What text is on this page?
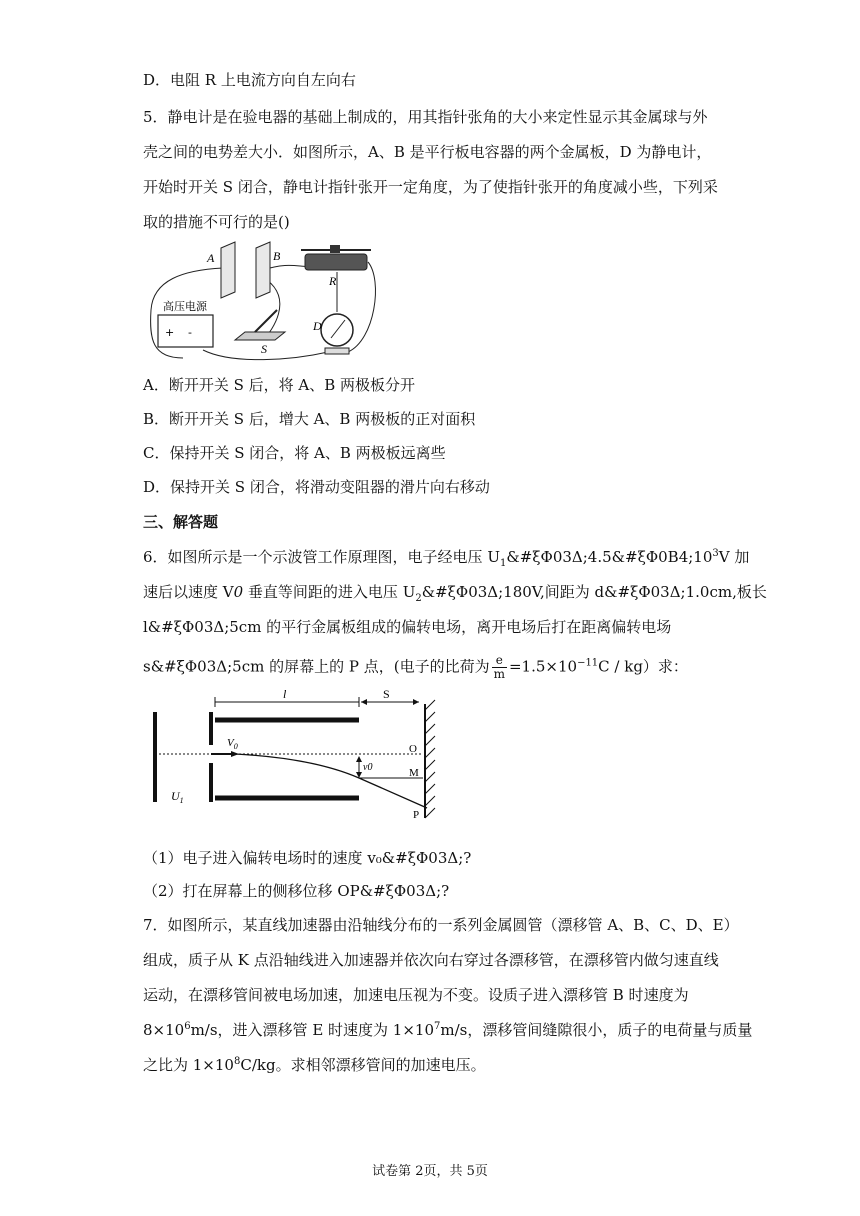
D．电阻 R 上电流方向自左向右
5．静电计是在验电器的基础上制成的，用其指针张角的大小来定性显示其金属球与外
壳之间的电势差大小．如图所示，A、B 是平行板电容器的两个金属板，D 为静电计，
开始时开关 S 闭合，静电计指针张开一定角度，为了使指针张开的角度减小些，下列采
取的措施不可行的是()
A	B
R
D
S
高压电源
+ -
A．断开开关 S 后，将 A、B 两极板分开
B．断开开关 S 后，增大 A、B 两极板的正对面积
C．保持开关 S 闭合，将 A、B 两极板远离些
D．保持开关 S 闭合，将滑动变阻器的滑片向右移动
三、解答题
6．如图所示是一个示波管工作原理图，电子经电压 $U_1\&\#\xi\Phi 03\Delta;4.5\&\#\xi\Phi 0B4;10^3V$ 加
速后以速度 V0 垂直等间距的进入电压 $U_2\&\#\xi\Phi 03\Delta;180V$,间距为 d&#ξΦ03Δ;1.0cm,板长
l&#ξΦ03Δ;5cm 的平行金属板组成的偏转电场，离开电场后打在距离偏转电场
s&#ξΦ03Δ;5cm 的屏幕上的 P 点，(电子的比荷为 $\frac{e}{m} =1.5\times 10^{-11}C / kg$）求：
l	S
$V_0$
v0
O
M
P
$U_1$
（1）电子进入偏转电场时的速度 v₀&#ξΦ03Δ;?
（2）打在屏幕上的侧移位移 OP&#ξΦ03Δ;?
7．如图所示，某直线加速器由沿轴线分布的一系列金属圆管（漂移管 A、B、C、D、E）
组成，质子从 K 点沿轴线进入加速器并依次向右穿过各漂移管，在漂移管内做匀速直线
运动，在漂移管间被电场加速，加速电压视为不变。设质子进入漂移管 B 时速度为
$8\times 10^6m/s$，进入漂移管 E 时速度为 $1\times 10^7m/s$，漂移管间缝隙很小，质子的电荷量与质量
之比为 $1\times 10^8C/kg$。求相邻漂移管间的加速电压。
试卷第 2页，共 5页
